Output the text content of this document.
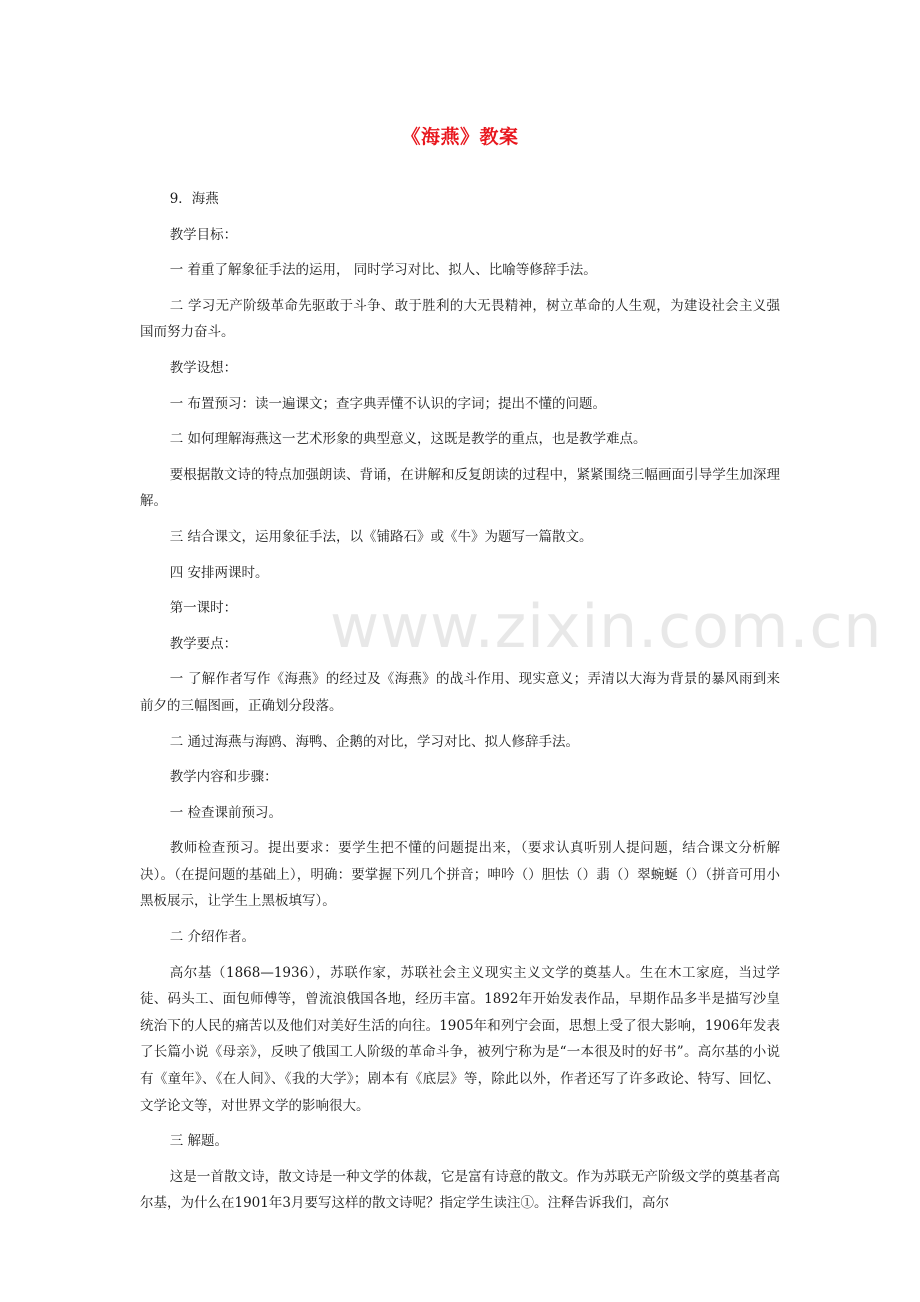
www.zixin.com.cn
《海燕》教案

9．海燕

教学目标：

一 着重了解象征手法的运用， 同时学习对比、拟人、比喻等修辞手法。

二 学习无产阶级革命先驱敢于斗争、敢于胜利的大无畏精神，树立革命的人生观，为建设社会主义强国而努力奋斗。

教学设想：

一 布置预习：读一遍课文；查字典弄懂不认识的字词；提出不懂的问题。

二 如何理解海燕这一艺术形象的典型意义，这既是教学的重点，也是教学难点。

要根据散文诗的特点加强朗读、背诵，在讲解和反复朗读的过程中，紧紧围绕三幅画面引导学生加深理解。

三 结合课文，运用象征手法，以《铺路石》或《牛》为题写一篇散文。

四 安排两课时。

第一课时：

教学要点：

一 了解作者写作《海燕》的经过及《海燕》的战斗作用、现实意义；弄清以大海为背景的暴风雨到来前夕的三幅图画，正确划分段落。

二 通过海燕与海鸥、海鸭、企鹅的对比，学习对比、拟人修辞手法。

教学内容和步骤：

一 检查课前预习。

教师检查预习。提出要求：要学生把不懂的问题提出来，（要求认真听别人提问题，结合课文分析解决）。（在提问题的基础上），明确：要掌握下列几个拼音；呻吟（）胆怯（）翡（）翠蜿蜒（）（拼音可用小黑板展示，让学生上黑板填写）。

二 介绍作者。

高尔基（1868—1936），苏联作家，苏联社会主义现实主义文学的奠基人。生在木工家庭，当过学徒、码头工、面包师傅等，曾流浪俄国各地，经历丰富。1892年开始发表作品，早期作品多半是描写沙皇统治下的人民的痛苦以及他们对美好生活的向往。1905年和列宁会面，思想上受了很大影响，1906年发表了长篇小说《母亲》，反映了俄国工人阶级的革命斗争，被列宁称为是“一本很及时的好书”。高尔基的小说有《童年》、《在人间》、《我的大学》；剧本有《底层》等，除此以外，作者还写了许多政论、特写、回忆、文学论文等，对世界文学的影响很大。

三 解题。

这是一首散文诗，散文诗是一种文学的体裁，它是富有诗意的散文。作为苏联无产阶级文学的奠基者高尔基，为什么在1901年3月要写这样的散文诗呢？指定学生读注①。注释告诉我们，高尔
